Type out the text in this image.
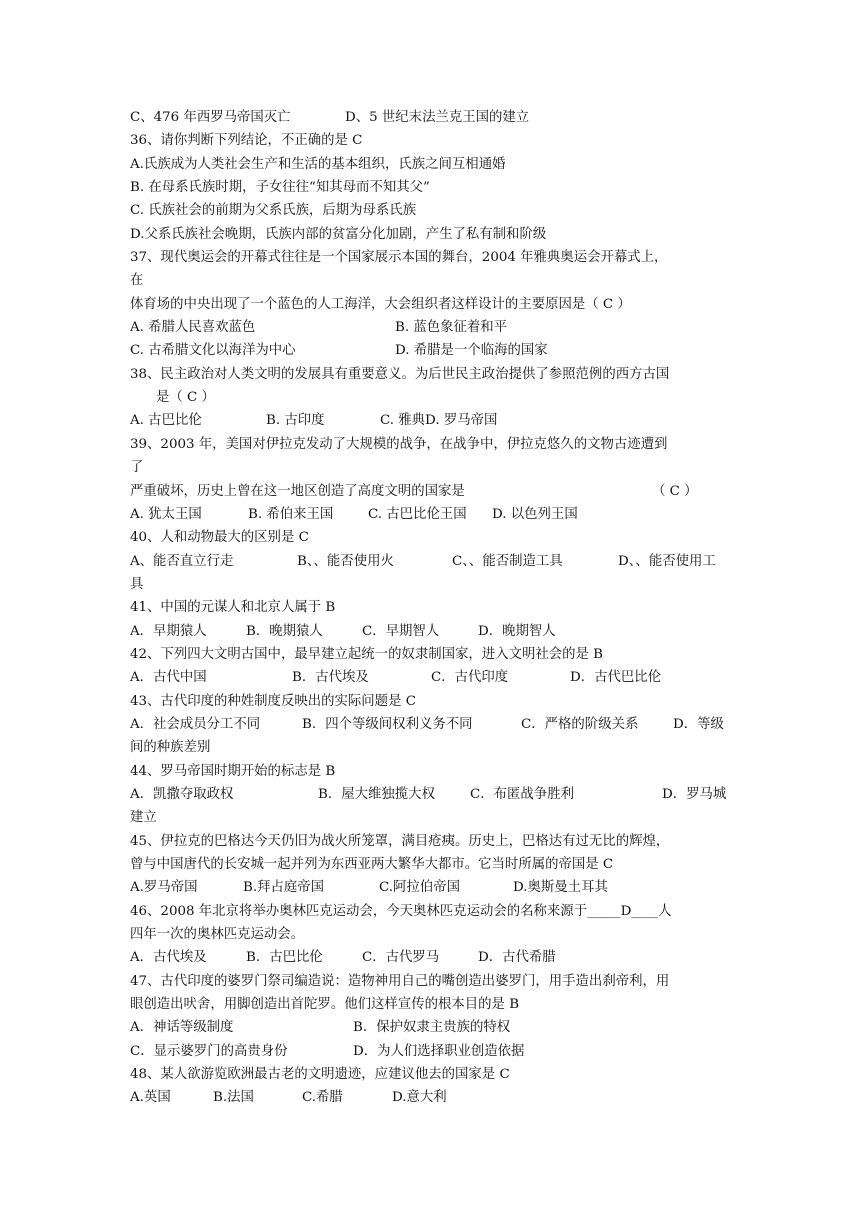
C、476 年西罗马帝国灭亡	D、5 世纪末法兰克王国的建立
36、请你判断下列结论，不正确的是 C
A.氏族成为人类社会生产和生活的基本组织，氏族之间互相通婚
B. 在母系氏族时期，子女往往“知其母而不知其父”
C. 氏族社会的前期为父系氏族，后期为母系氏族
D.父系氏族社会晚期，氏族内部的贫富分化加剧，产生了私有制和阶级
37、现代奥运会的开幕式往往是一个国家展示本国的舞台，2004 年雅典奥运会开幕式上，
在
体育场的中央出现了一个蓝色的人工海洋，大会组织者这样设计的主要原因是（ C ）
A. 希腊人民喜欢蓝色	B. 蓝色象征着和平
C. 古希腊文化以海洋为中心	D. 希腊是一个临海的国家
38、民主政治对人类文明的发展具有重要意义。为后世民主政治提供了参照范例的西方古国
是（ C ）
A. 古巴比伦	B. 古印度	C. 雅典D. 罗马帝国
39、2003 年，美国对伊拉克发动了大规模的战争，在战争中，伊拉克悠久的文物古迹遭到
了
严重破坏，历史上曾在这一地区创造了高度文明的国家是	（ C ）
A. 犹太王国	B. 希伯来王国	C. 古巴比伦王国	D. 以色列王国
40、人和动物最大的区别是 C
A、能否直立行走	B、、能否使用火	C、、能否制造工具	D、、能否使用工
具
41、中国的元谋人和北京人属于 B
A．早期猿人	B．晚期猿人	C．早期智人	D．晚期智人
42、下列四大文明古国中，最早建立起统一的奴隶制国家，进入文明社会的是 B
A．古代中国	B．古代埃及	C．古代印度	D．古代巴比伦
43、古代印度的种姓制度反映出的实际问题是 C
A．社会成员分工不同	B．四个等级间权利义务不同	C．严格的阶级关系	D．等级
间的种族差别
44、罗马帝国时期开始的标志是 B
A．凯撒夺取政权	B．屋大维独揽大权	C．布匿战争胜利	D．罗马城
建立
45、伊拉克的巴格达今天仍旧为战火所笼罩，满目疮痍。历史上，巴格达有过无比的辉煌，
曾与中国唐代的长安城一起并列为东西亚两大繁华大都市。它当时所属的帝国是 C
A.罗马帝国	B.拜占庭帝国	C.阿拉伯帝国	D.奥斯曼土耳其
46、2008 年北京将举办奥林匹克运动会，今天奥林匹克运动会的名称来源于_____D____人
四年一次的奥林匹克运动会。
A．古代埃及	B．古巴比伦	C．古代罗马	D．古代希腊
47、古代印度的婆罗门祭司编造说：造物神用自己的嘴创造出婆罗门，用手造出刹帝利，用
眼创造出吠舍，用脚创造出首陀罗。他们这样宣传的根本目的是 B
A．神话等级制度	B．保护奴隶主贵族的特权
C．显示婆罗门的高贵身份	D．为人们选择职业创造依据
48、某人欲游览欧洲最古老的文明遗迹，应建议他去的国家是 C
A.英国	B.法国	C.希腊	D.意大利
